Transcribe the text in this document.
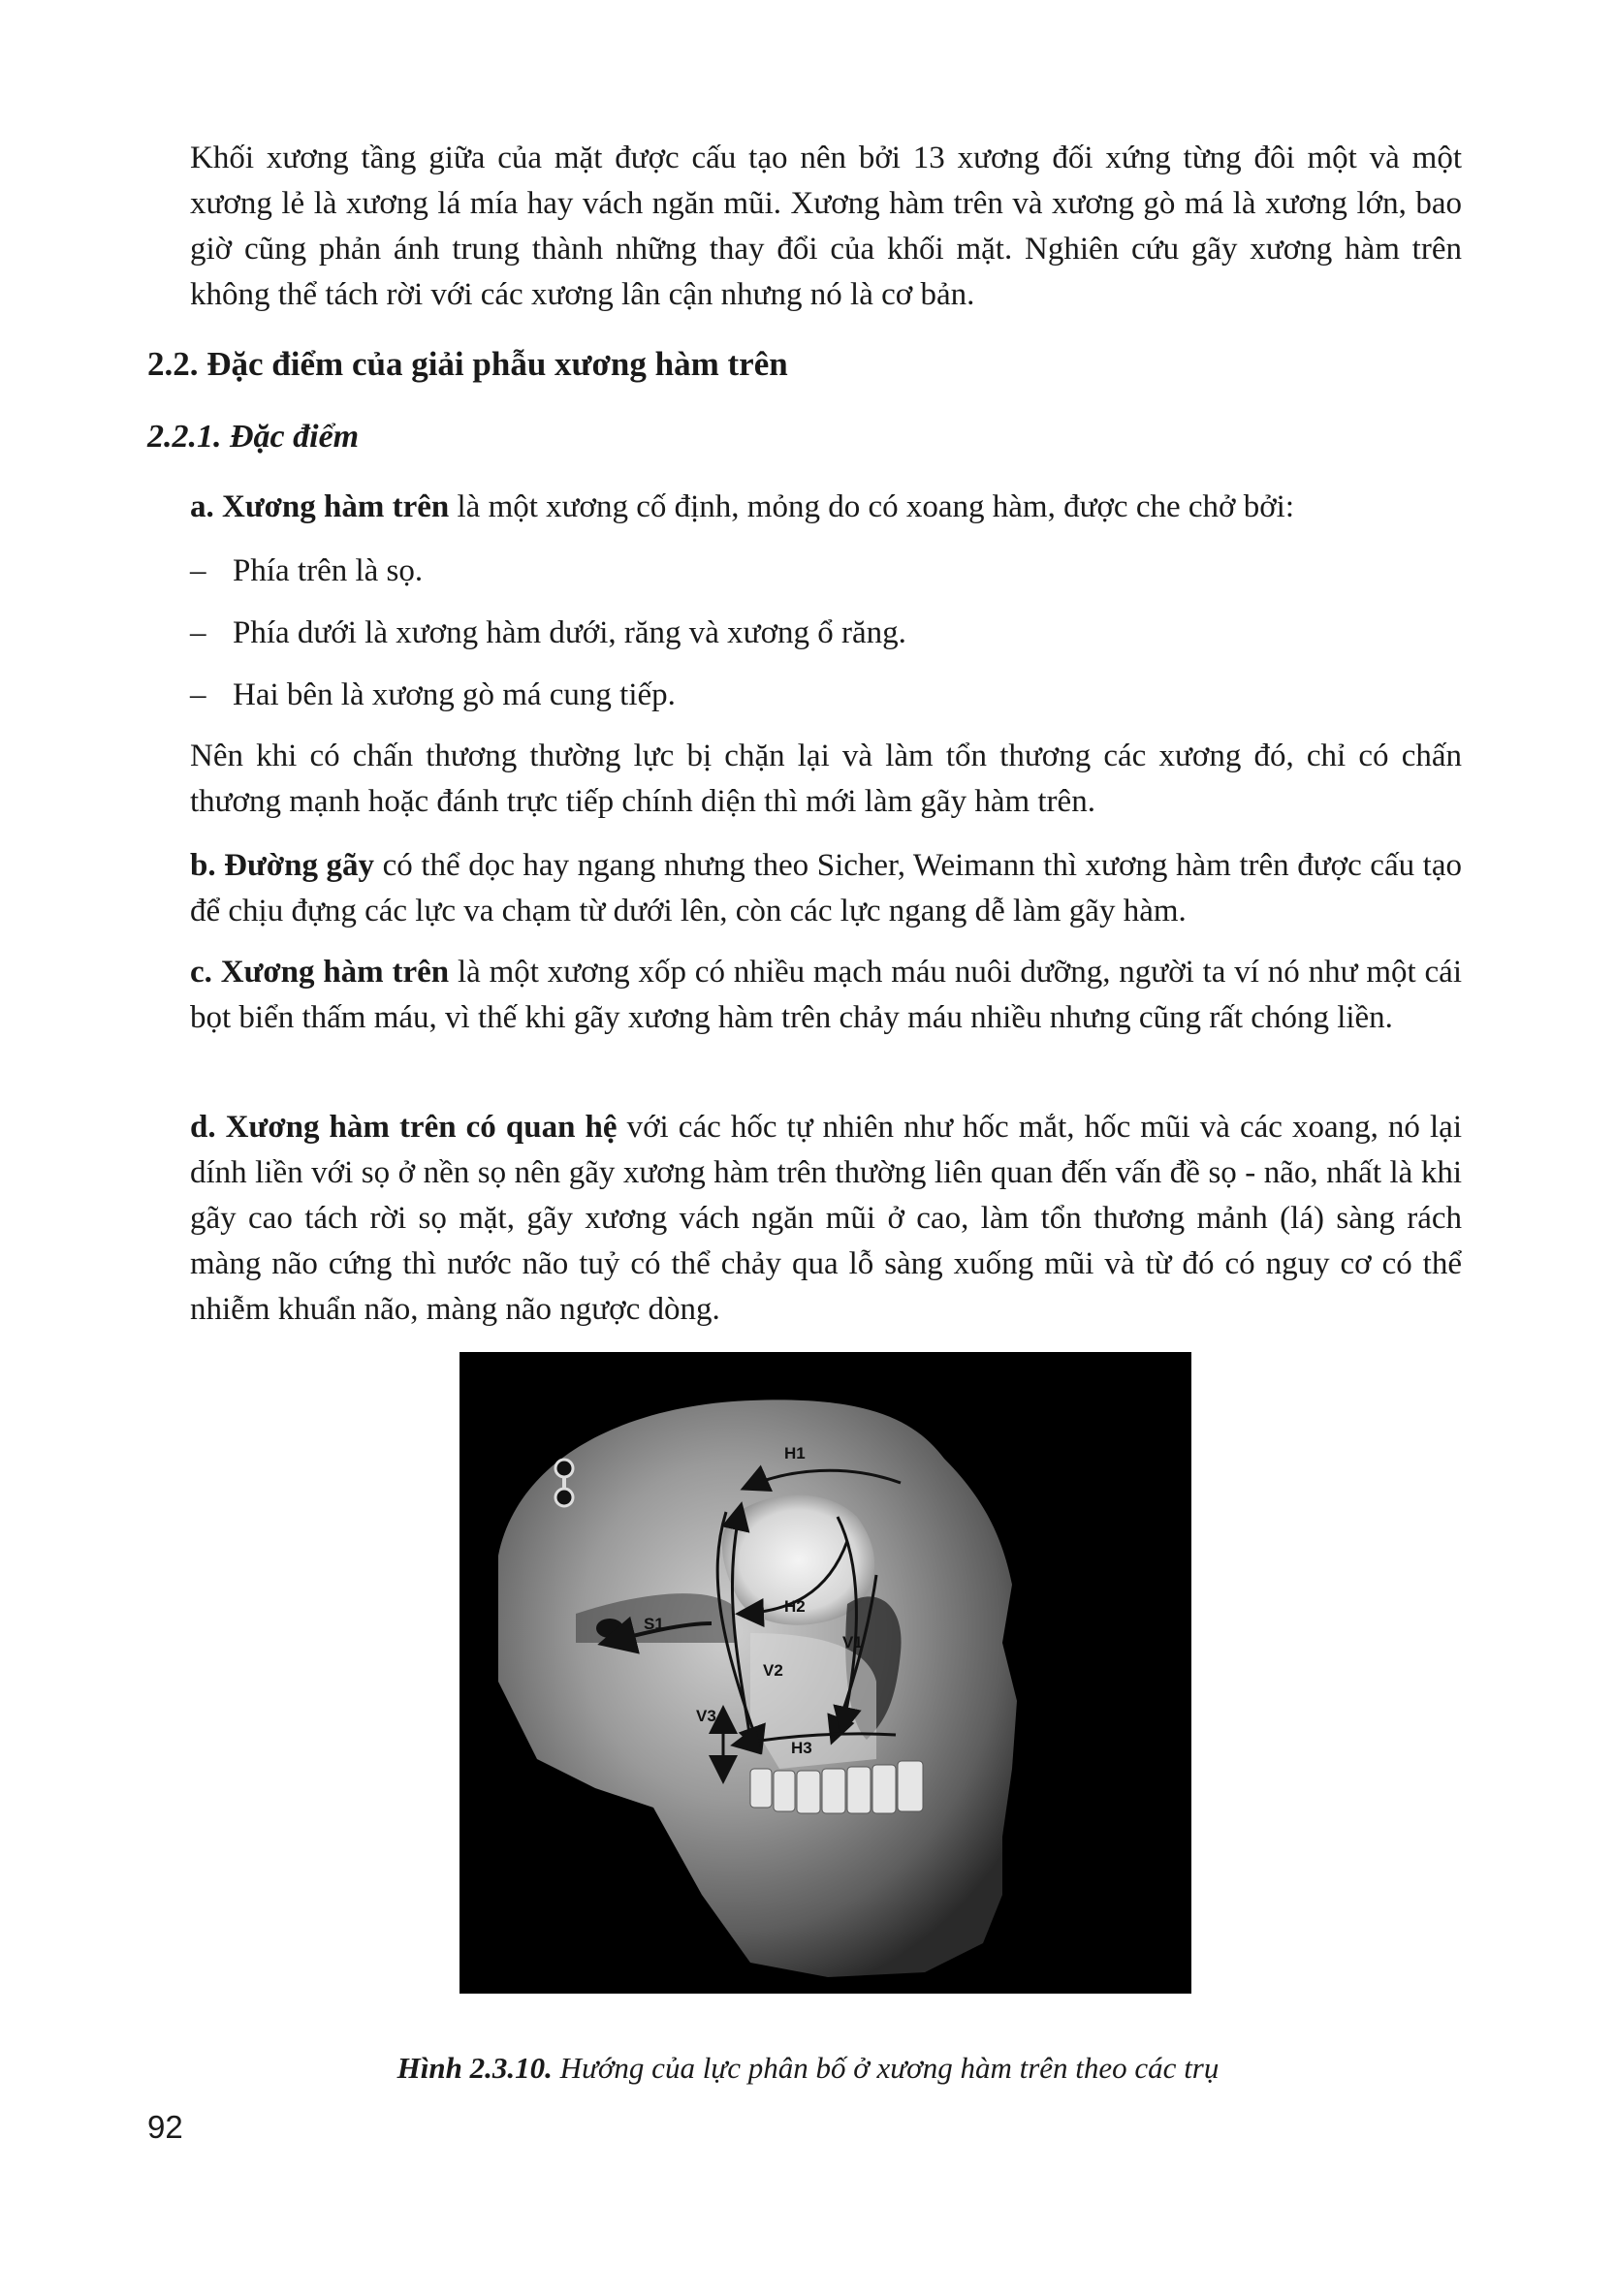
Khối xương tầng giữa của mặt được cấu tạo nên bởi 13 xương đối xứng từng đôi một và một xương lẻ là xương lá mía hay vách ngăn mũi. Xương hàm trên và xương gò má là xương lớn, bao giờ cũng phản ánh trung thành những thay đổi của khối mặt. Nghiên cứu gãy xương hàm trên không thể tách rời với các xương lân cận nhưng nó là cơ bản.

2.2. Đặc điểm của giải phẫu xương hàm trên

2.2.1. Đặc điểm

a. Xương hàm trên là một xương cố định, mỏng do có xoang hàm, được che chở bởi:

– Phía trên là sọ.

– Phía dưới là xương hàm dưới, răng và xương ổ răng.

– Hai bên là xương gò má cung tiếp.

Nên khi có chấn thương thường lực bị chặn lại và làm tổn thương các xương đó, chỉ có chấn thương mạnh hoặc đánh trực tiếp chính diện thì mới làm gãy hàm trên.

b. Đường gãy có thể dọc hay ngang nhưng theo Sicher, Weimann thì xương hàm trên được cấu tạo để chịu đựng các lực va chạm từ dưới lên, còn các lực ngang dễ làm gãy hàm.

c. Xương hàm trên là một xương xốp có nhiều mạch máu nuôi dưỡng, người ta ví nó như một cái bọt biển thấm máu, vì thế khi gãy xương hàm trên chảy máu nhiều nhưng cũng rất chóng liền.

d. Xương hàm trên có quan hệ với các hốc tự nhiên như hốc mắt, hốc mũi và các xoang, nó lại dính liền với sọ ở nền sọ nên gãy xương hàm trên thường liên quan đến vấn đề sọ - não, nhất là khi gãy cao tách rời sọ mặt, gãy xương vách ngăn mũi ở cao, làm tổn thương mảnh (lá) sàng rách màng não cứng thì nước não tuỷ có thể chảy qua lỗ sàng xuống mũi và từ đó có nguy cơ có thể nhiễm khuẩn não, màng não ngược dòng.

H1
H2
H3
V1
V2
V3
S1

Hình 2.3.10. Hướng của lực phân bố ở xương hàm trên theo các trụ

92
